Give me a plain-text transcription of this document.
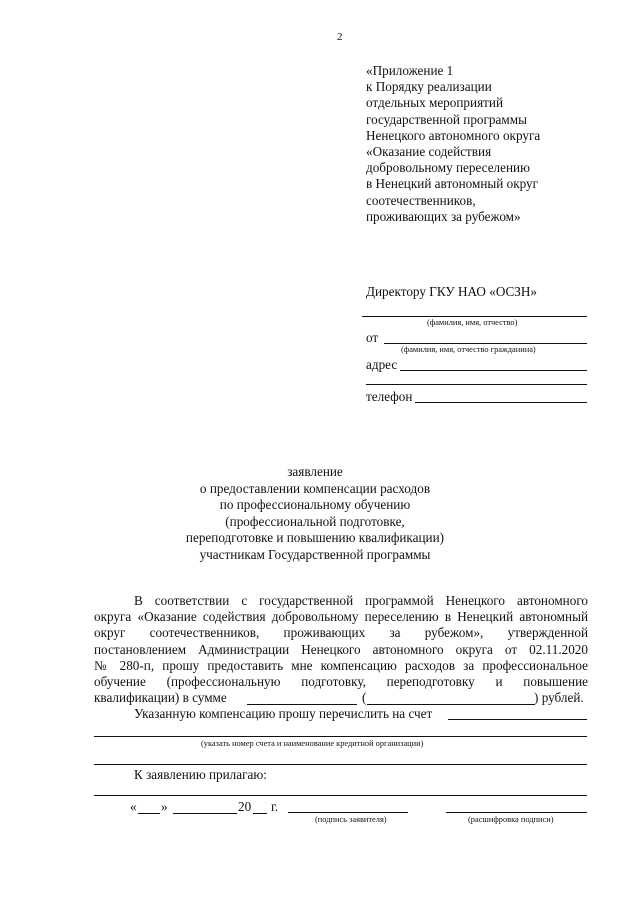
2
«Приложение 1
к Порядку реализации
отдельных мероприятий
государственной программы
Ненецкого автономного округа
«Оказание содействия
добровольному переселению
в Ненецкий автономный округ
соотечественников,
проживающих за рубежом»
Директору ГКУ НАО «ОСЗН»
(фамилия, имя, отчество)
от
(фамилия, имя, отчество гражданина)
адрес
телефон
заявление
о предоставлении компенсации расходов
по профессиональному обучению
(профессиональной подготовке,
переподготовке и повышению квалификации)
участникам Государственной программы
В соответствии с государственной программой Ненецкого автономного
округа «Оказание содействия добровольному переселению в Ненецкий автономный
округ соотечественников, проживающих за рубежом», утвержденной
постановлением Администрации Ненецкого автономного округа от 02.11.2020
№ 280-п, прошу предоставить мне компенсацию расходов за профессиональное
обучение (профессиональную подготовку, переподготовку и повышение
квалификации) в сумме	(	) рублей.
Указанную компенсацию прошу перечислить на счет
(указать номер счета и наименование кредитной организации)
К заявлению прилагаю:
« »	20 г.
(подпись заявителя)	(расшифровка подписи)
